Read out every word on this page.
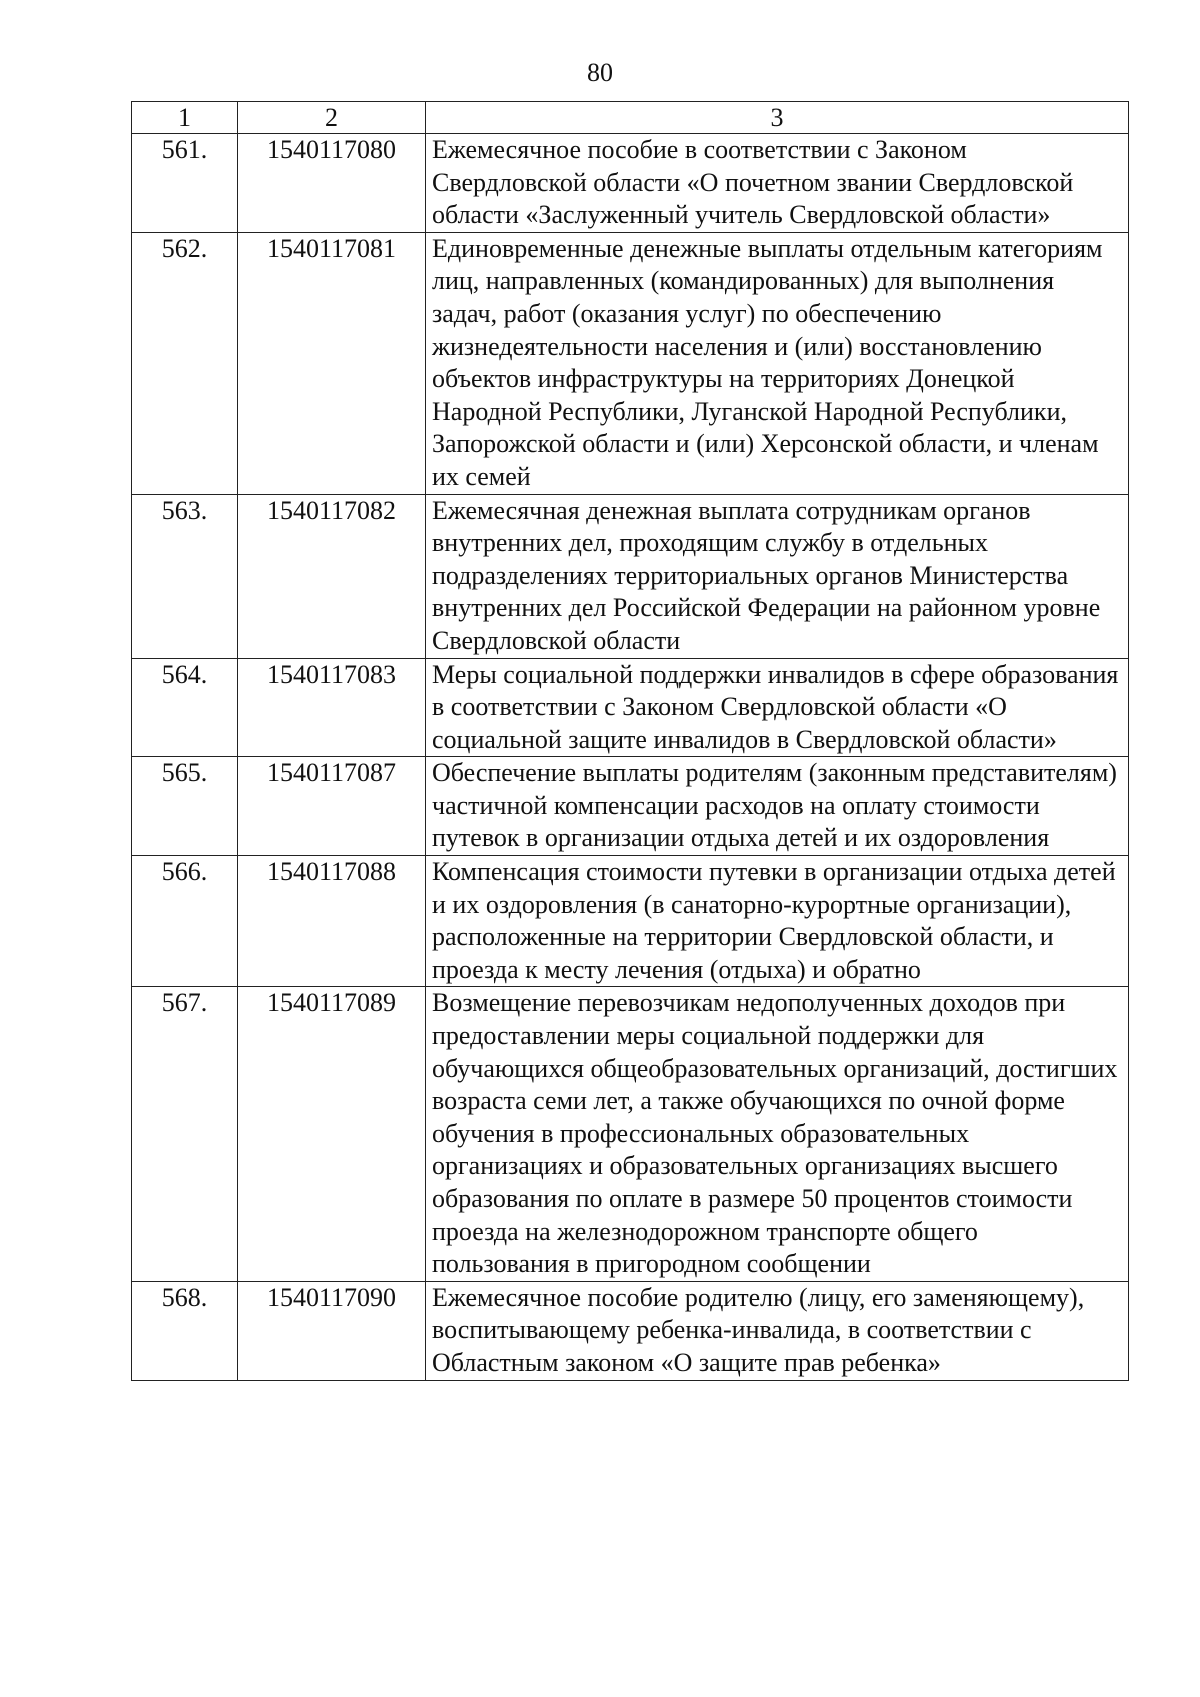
80
1	2	3
561.	1540117080	Ежемесячное пособие в соответствии с Законом Свердловской области «О почетном звании Свердловской области «Заслуженный учитель Свердловской области»
562.	1540117081	Единовременные денежные выплаты отдельным категориям лиц, направленных (командированных) для выполнения задач, работ (оказания услуг) по обеспечению жизнедеятельности населения и (или) восстановлению объектов инфраструктуры на территориях Донецкой Народной Республики, Луганской Народной Республики, Запорожской области и (или) Херсонской области, и членам их семей
563.	1540117082	Ежемесячная денежная выплата сотрудникам органов внутренних дел, проходящим службу в отдельных подразделениях территориальных органов Министерства внутренних дел Российской Федерации на районном уровне Свердловской области
564.	1540117083	Меры социальной поддержки инвалидов в сфере образования в соответствии с Законом Свердловской области «О социальной защите инвалидов в Свердловской области»
565.	1540117087	Обеспечение выплаты родителям (законным представителям) частичной компенсации расходов на оплату стоимости путевок в организации отдыха детей и их оздоровления
566.	1540117088	Компенсация стоимости путевки в организации отдыха детей и их оздоровления (в санаторно-курортные организации), расположенные на территории Свердловской области, и проезда к месту лечения (отдыха) и обратно
567.	1540117089	Возмещение перевозчикам недополученных доходов при предоставлении меры социальной поддержки для обучающихся общеобразовательных организаций, достигших возраста семи лет, а также обучающихся по очной форме обучения в профессиональных образовательных организациях и образовательных организациях высшего образования по оплате в размере 50 процентов стоимости проезда на железнодорожном транспорте общего пользования в пригородном сообщении
568.	1540117090	Ежемесячное пособие родителю (лицу, его заменяющему), воспитывающему ребенка-инвалида, в соответствии с Областным законом «О защите прав ребенка»
